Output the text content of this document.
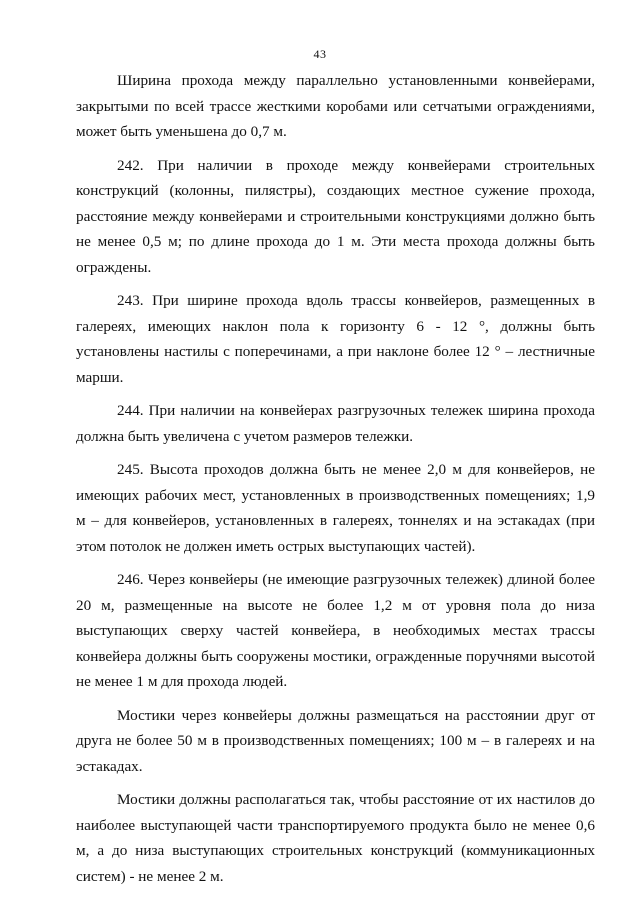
43

Ширина прохода между параллельно установленными конвейерами, закрытыми по всей трассе жесткими коробами или сетчатыми ограждениями, может быть уменьшена до 0,7 м.

242. При наличии в проходе между конвейерами строительных конструкций (колонны, пилястры), создающих местное сужение прохода, расстояние между конвейерами и строительными конструкциями должно быть не менее 0,5 м; по длине прохода до 1 м. Эти места прохода должны быть ограждены.

243. При ширине прохода вдоль трассы конвейеров, размещенных в галереях, имеющих наклон пола к горизонту 6 - 12 °, должны быть установлены настилы с поперечинами, а при наклоне более 12 ° – лестничные марши.

244. При наличии на конвейерах разгрузочных тележек ширина прохода должна быть увеличена с учетом размеров тележки.

245. Высота проходов должна быть не менее 2,0 м для конвейеров, не имеющих рабочих мест, установленных в производственных помещениях; 1,9 м – для конвейеров, установленных в галереях, тоннелях и на эстакадах (при этом потолок не должен иметь острых выступающих частей).

246. Через конвейеры (не имеющие разгрузочных тележек) длиной более 20 м, размещенные на высоте не более 1,2 м от уровня пола до низа выступающих сверху частей конвейера, в необходимых местах трассы конвейера должны быть сооружены мостики, огражденные поручнями высотой не менее 1 м для прохода людей.

Мостики через конвейеры должны размещаться на расстоянии друг от друга не более 50 м в производственных помещениях; 100 м – в галереях и на эстакадах.

Мостики должны располагаться так, чтобы расстояние от их настилов до наиболее выступающей части транспортируемого продукта было не менее 0,6 м, а до низа выступающих строительных конструкций (коммуникационных систем) - не менее 2 м.
